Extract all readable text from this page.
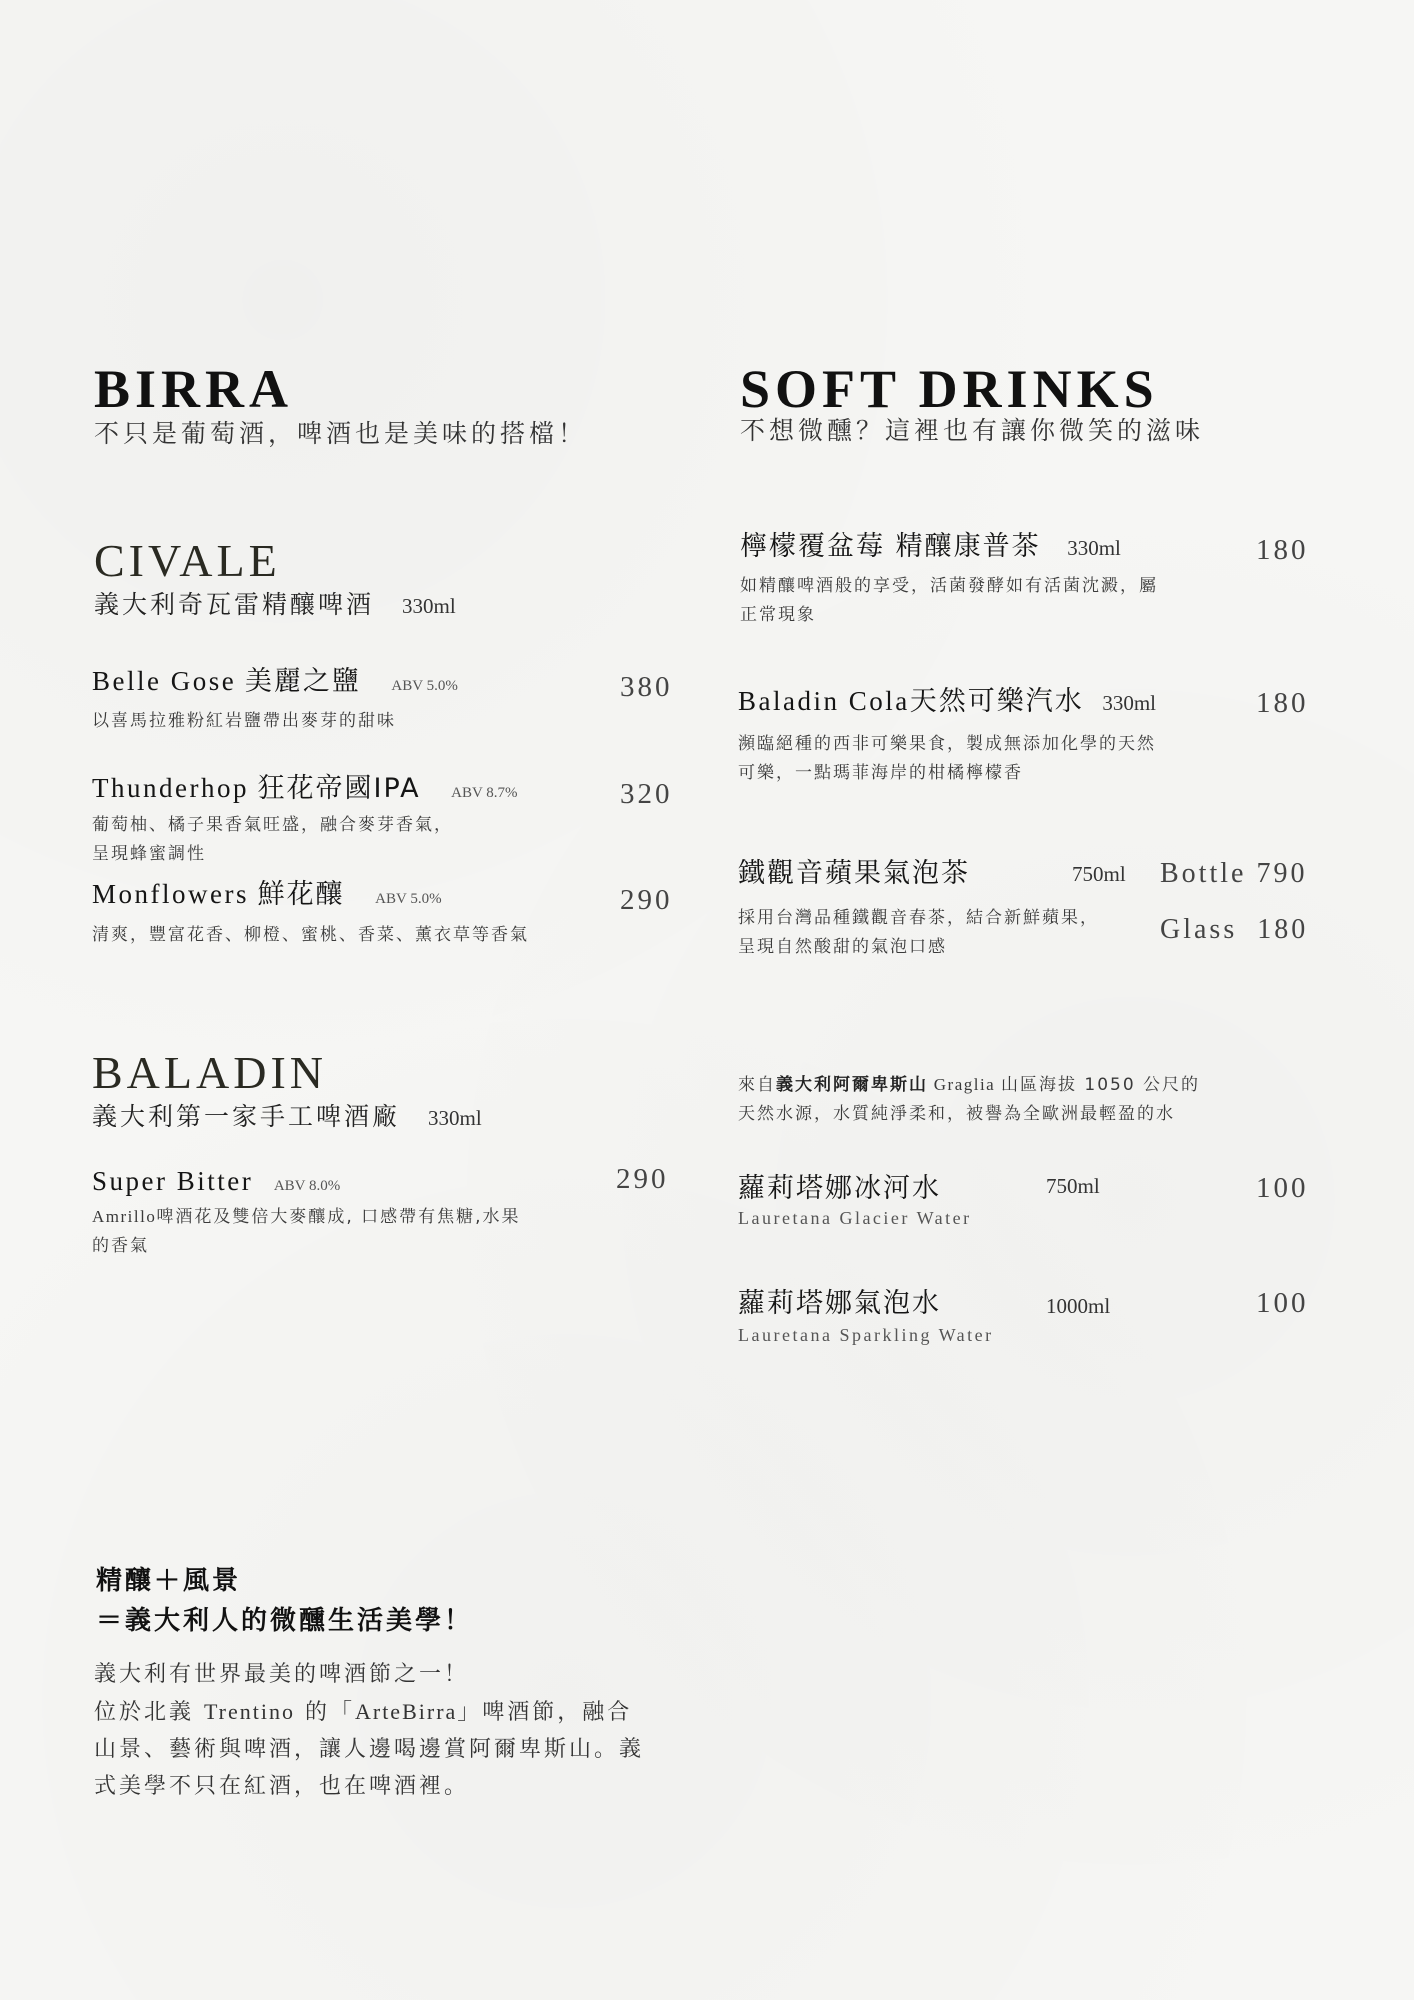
BIRRA
不只是葡萄酒，啤酒也是美味的搭檔！
CIVALE
義大利奇瓦雷精釀啤酒 330ml
Belle Gose 美麗之鹽 ABV 5.0%	380
以喜馬拉雅粉紅岩鹽帶出麥芽的甜味
Thunderhop 狂花帝國IPA ABV 8.7%	320
葡萄柚、橘子果香氣旺盛，融合麥芽香氣，
呈現蜂蜜調性
Monflowers 鮮花釀 ABV 5.0%	290
清爽，豐富花香、柳橙、蜜桃、香菜、薰衣草等香氣
BALADIN
義大利第一家手工啤酒廠 330ml
Super Bitter ABV 8.0%	290
Amrillo啤酒花及雙倍大麥釀成, 口感帶有焦糖,水果
的香氣
SOFT DRINKS
不想微醺？這裡也有讓你微笑的滋味
檸檬覆盆莓 精釀康普茶 330ml	180
如精釀啤酒般的享受，活菌發酵如有活菌沈澱，屬
正常現象
Baladin Cola天然可樂汽水 330ml	180
瀕臨絕種的西非可樂果食，製成無添加化學的天然
可樂，一點瑪菲海岸的柑橘檸檬香
鐵觀音蘋果氣泡茶	750ml Bottle 790
Glass  180
採用台灣品種鐵觀音春茶，結合新鮮蘋果，
呈現自然酸甜的氣泡口感
來自義大利阿爾卑斯山 Graglia 山區海拔 1050 公尺的
天然水源，水質純淨柔和，被譽為全歐洲最輕盈的水
蘿莉塔娜冰河水	750ml	100
Lauretana Glacier Water
蘿莉塔娜氣泡水	1000ml	100
Lauretana Sparkling Water
精釀＋風景
＝義大利人的微醺生活美學！
義大利有世界最美的啤酒節之一！
位於北義 Trentino 的「ArteBirra」啤酒節，融合
山景、藝術與啤酒，讓人邊喝邊賞阿爾卑斯山。義
式美學不只在紅酒，也在啤酒裡。
